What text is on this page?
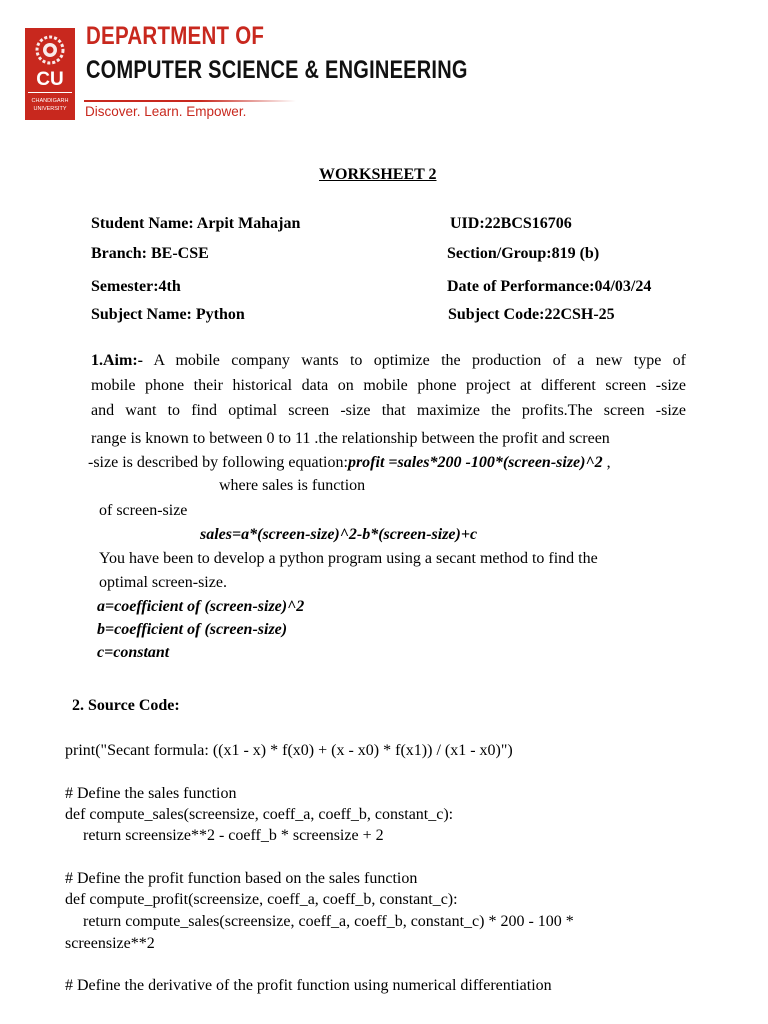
CU
CHANDIGARH
UNIVERSITY
DEPARTMENT OF
COMPUTER SCIENCE & ENGINEERING
Discover. Learn. Empower.
WORKSHEET 2
Student Name: Arpit Mahajan	UID:22BCS16706
Branch: BE-CSE	Section/Group:819 (b)
Semester:4th	Date of Performance:04/03/24
Subject Name: Python	Subject Code:22CSH-25
1.Aim:- A mobile company wants to optimize the production of a new type of
mobile phone their historical data on mobile phone project at different screen -size
and want to find optimal screen -size that maximize the profits.The screen -size
range is known to between 0 to 11 .the relationship between the profit and screen
-size is described by following equation:profit =sales*200 -100*(screen-size)^2 ,
where sales is function
of screen-size
sales=a*(screen-size)^2-b*(screen-size)+c
You have been to develop a python program using a secant method to find the
optimal screen-size.
a=coefficient of (screen-size)^2
b=coefficient of (screen-size)
c=constant
2. Source Code:
print("Secant formula: ((x1 - x) * f(x0) + (x - x0) * f(x1)) / (x1 - x0)")
# Define the sales function
def compute_sales(screensize, coeff_a, coeff_b, constant_c):
return screensize**2 - coeff_b * screensize + 2
# Define the profit function based on the sales function
def compute_profit(screensize, coeff_a, coeff_b, constant_c):
return compute_sales(screensize, coeff_a, coeff_b, constant_c) * 200 - 100 *
screensize**2
# Define the derivative of the profit function using numerical differentiation
